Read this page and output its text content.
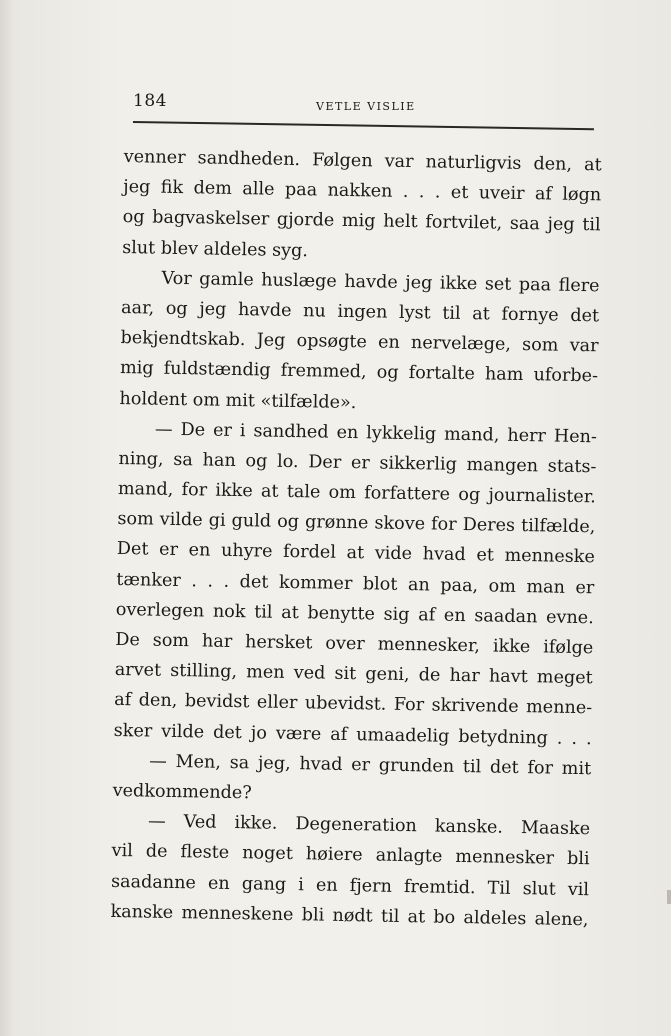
184	VETLE VISLIE
venner sandheden. Følgen var naturligvis den, at
jeg fik dem alle paa nakken . . . et uveir af løgn
og bagvaskelser gjorde mig helt fortvilet, saa jeg til
slut blev aldeles syg.
Vor gamle huslæge havde jeg ikke set paa flere
aar, og jeg havde nu ingen lyst til at fornye det
bekjendtskab. Jeg opsøgte en nervelæge, som var
mig fuldstændig fremmed, og fortalte ham uforbe-
holdent om mit «tilfælde».
— De er i sandhed en lykkelig mand, herr Hen-
ning, sa han og lo. Der er sikkerlig mangen stats-
mand, for ikke at tale om forfattere og journalister.
som vilde gi guld og grønne skove for Deres tilfælde,
Det er en uhyre fordel at vide hvad et menneske
tænker . . . det kommer blot an paa, om man er
overlegen nok til at benytte sig af en saadan evne.
De som har hersket over mennesker, ikke ifølge
arvet stilling, men ved sit geni, de har havt meget
af den, bevidst eller ubevidst. For skrivende menne-
sker vilde det jo være af umaadelig betydning . . .
— Men, sa jeg, hvad er grunden til det for mit
vedkommende?
— Ved ikke. Degeneration kanske. Maaske
vil de fleste noget høiere anlagte mennesker bli
saadanne en gang i en fjern fremtid. Til slut vil
kanske menneskene bli nødt til at bo aldeles alene,
